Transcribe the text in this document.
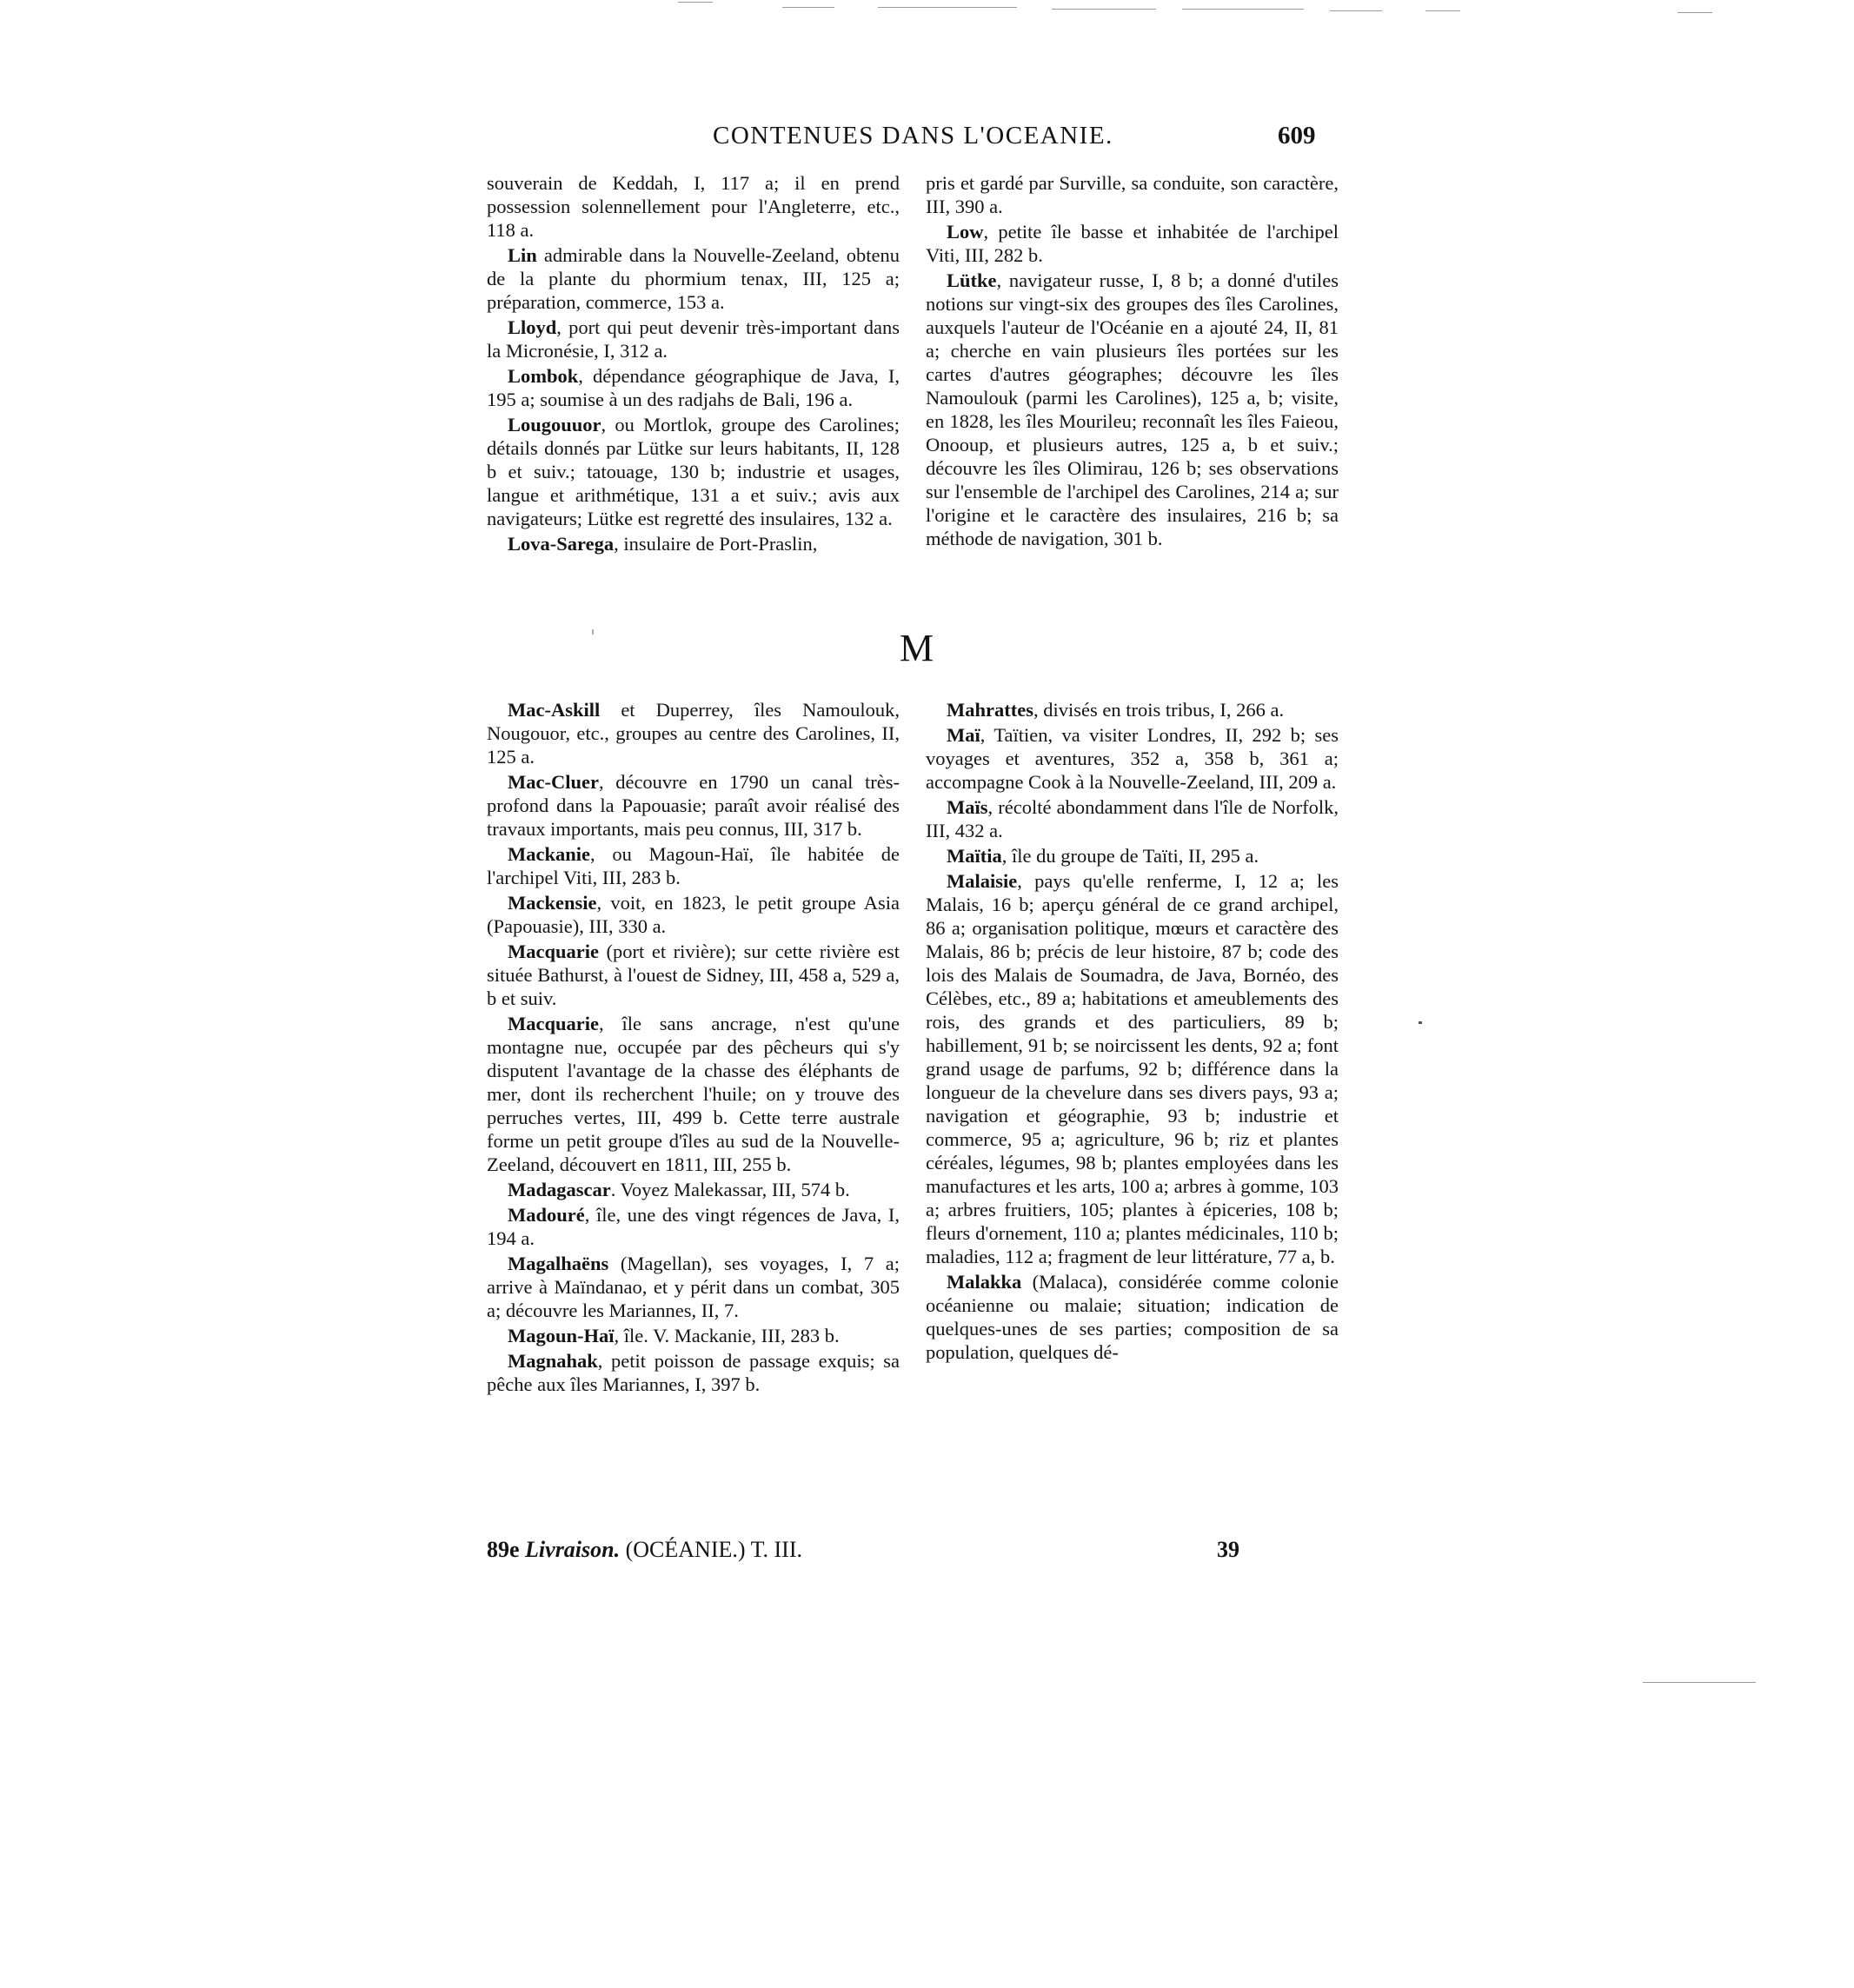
CONTENUES DANS L'OCEANIE.	609

souverain de Keddah, I, 117 a; il en prend possession solennellement pour l'Angleterre, etc., 118 a.

Lin admirable dans la Nouvelle-Zeeland, obtenu de la plante du phormium tenax, III, 125 a; préparation, commerce, 153 a.

Lloyd, port qui peut devenir très-important dans la Micronésie, I, 312 a.

Lombok, dépendance géographique de Java, I, 195 a; soumise à un des radjahs de Bali, 196 a.

Lougouuor, ou Mortlok, groupe des Carolines; détails donnés par Lütke sur leurs habitants, II, 128 b et suiv.; tatouage, 130 b; industrie et usages, langue et arithmétique, 131 a et suiv.; avis aux navigateurs; Lütke est regretté des insulaires, 132 a.

Lova-Sarega, insulaire de Port-Praslin,

pris et gardé par Surville, sa conduite, son caractère, III, 390 a.

Low, petite île basse et inhabitée de l'archipel Viti, III, 282 b.

Lütke, navigateur russe, I, 8 b; a donné d'utiles notions sur vingt-six des groupes des îles Carolines, auxquels l'auteur de l'Océanie en a ajouté 24, II, 81 a; cherche en vain plusieurs îles portées sur les cartes d'autres géographes; découvre les îles Namoulouk (parmi les Carolines), 125 a, b; visite, en 1828, les îles Mourileu; reconnaît les îles Faieou, Onooup, et plusieurs autres, 125 a, b et suiv.; découvre les îles Olimirau, 126 b; ses observations sur l'ensemble de l'archipel des Carolines, 214 a; sur l'origine et le caractère des insulaires, 216 b; sa méthode de navigation, 301 b.

M

Mac-Askill et Duperrey, îles Namoulouk, Nougouor, etc., groupes au centre des Carolines, II, 125 a.

Mac-Cluer, découvre en 1790 un canal très-profond dans la Papouasie; paraît avoir réalisé des travaux importants, mais peu connus, III, 317 b.

Mackanie, ou Magoun-Haï, île habitée de l'archipel Viti, III, 283 b.

Mackensie, voit, en 1823, le petit groupe Asia (Papouasie), III, 330 a.

Macquarie (port et rivière); sur cette rivière est située Bathurst, à l'ouest de Sidney, III, 458 a, 529 a, b et suiv.

Macquarie, île sans ancrage, n'est qu'une montagne nue, occupée par des pêcheurs qui s'y disputent l'avantage de la chasse des éléphants de mer, dont ils recherchent l'huile; on y trouve des perruches vertes, III, 499 b. Cette terre australe forme un petit groupe d'îles au sud de la Nouvelle-Zeeland, découvert en 1811, III, 255 b.

Madagascar. Voyez Malekassar, III, 574 b.

Madouré, île, une des vingt régences de Java, I, 194 a.

Magalhaëns (Magellan), ses voyages, I, 7 a; arrive à Maïndanao, et y périt dans un combat, 305 a; découvre les Mariannes, II, 7.

Magoun-Haï, île. V. Mackanie, III, 283 b.

Magnahak, petit poisson de passage exquis; sa pêche aux îles Mariannes, I, 397 b.

Mahrattes, divisés en trois tribus, I, 266 a.

Maï, Taïtien, va visiter Londres, II, 292 b; ses voyages et aventures, 352 a, 358 b, 361 a; accompagne Cook à la Nouvelle-Zeeland, III, 209 a.

Maïs, récolté abondamment dans l'île de Norfolk, III, 432 a.

Maïtia, île du groupe de Taïti, II, 295 a.

Malaisie, pays qu'elle renferme, I, 12 a; les Malais, 16 b; aperçu général de ce grand archipel, 86 a; organisation politique, mœurs et caractère des Malais, 86 b; précis de leur histoire, 87 b; code des lois des Malais de Soumadra, de Java, Bornéo, des Célèbes, etc., 89 a; habitations et ameublements des rois, des grands et des particuliers, 89 b; habillement, 91 b; se noircissent les dents, 92 a; font grand usage de parfums, 92 b; différence dans la longueur de la chevelure dans ses divers pays, 93 a; navigation et géographie, 93 b; industrie et commerce, 95 a; agriculture, 96 b; riz et plantes céréales, légumes, 98 b; plantes employées dans les manufactures et les arts, 100 a; arbres à gomme, 103 a; arbres fruitiers, 105; plantes à épiceries, 108 b; fleurs d'ornement, 110 a; plantes médicinales, 110 b; maladies, 112 a; fragment de leur littérature, 77 a, b.

Malakka (Malaca), considérée comme colonie océanienne ou malaie; situation; indication de quelques-unes de ses parties; composition de sa population, quelques dé-

89e Livraison. (OCÉANIE.) T. III.	39
